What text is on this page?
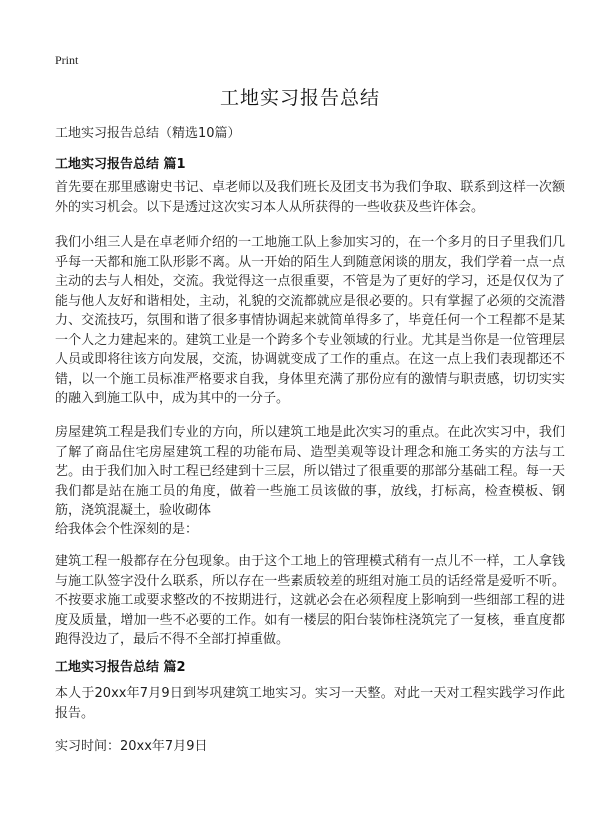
Print
工地实习报告总结
工地实习报告总结（精选10篇）
工地实习报告总结 篇1
首先要在那里感谢史书记、卓老师以及我们班长及团支书为我们争取、联系到这样一次额外的实习机会。以下是透过这次实习本人从所获得的一些收获及些许体会。
我们小组三人是在卓老师介绍的一工地施工队上参加实习的，在一个多月的日子里我们几乎每一天都和施工队形影不离。从一开始的陌生人到随意闲谈的朋友，我们学着一点一点主动的去与人相处，交流。我觉得这一点很重要，不管是为了更好的学习，还是仅仅为了能与他人友好和谐相处，主动，礼貌的交流都就应是很必要的。只有掌握了必须的交流潜力、交流技巧，氛围和谐了很多事情协调起来就简单得多了，毕竟任何一个工程都不是某一个人之力建起来的。建筑工业是一个跨多个专业领域的行业。尤其是当你是一位管理层人员或即将往该方向发展，交流，协调就变成了工作的重点。在这一点上我们表现都还不错，以一个施工员标准严格要求自我，身体里充满了那份应有的激情与职责感，切切实实的融入到施工队中，成为其中的一分子。
房屋建筑工程是我们专业的方向，所以建筑工地是此次实习的重点。在此次实习中，我们了解了商品住宅房屋建筑工程的功能布局、造型美观等设计理念和施工务实的方法与工艺。由于我们加入时工程已经建到十三层，所以错过了很重要的那部分基础工程。每一天我们都是站在施工员的角度，做着一些施工员该做的事，放线，打标高，检查模板、钢筋，浇筑混凝土，验收砌体
给我体会个性深刻的是：
建筑工程一般都存在分包现象。由于这个工地上的管理模式稍有一点儿不一样，工人拿钱与施工队签字没什么联系，所以存在一些素质较差的班组对施工员的话经常是爱听不听。不按要求施工或要求整改的不按期进行，这就必会在必须程度上影响到一些细部工程的进度及质量，增加一些不必要的工作。如有一楼层的阳台装饰柱浇筑完了一复核，垂直度都跑得没边了，最后不得不全部打掉重做。
工地实习报告总结 篇2
本人于20xx年7月9日到岑巩建筑工地实习。实习一天整。对此一天对工程实践学习作此报告。
实习时间：20xx年7月9日
